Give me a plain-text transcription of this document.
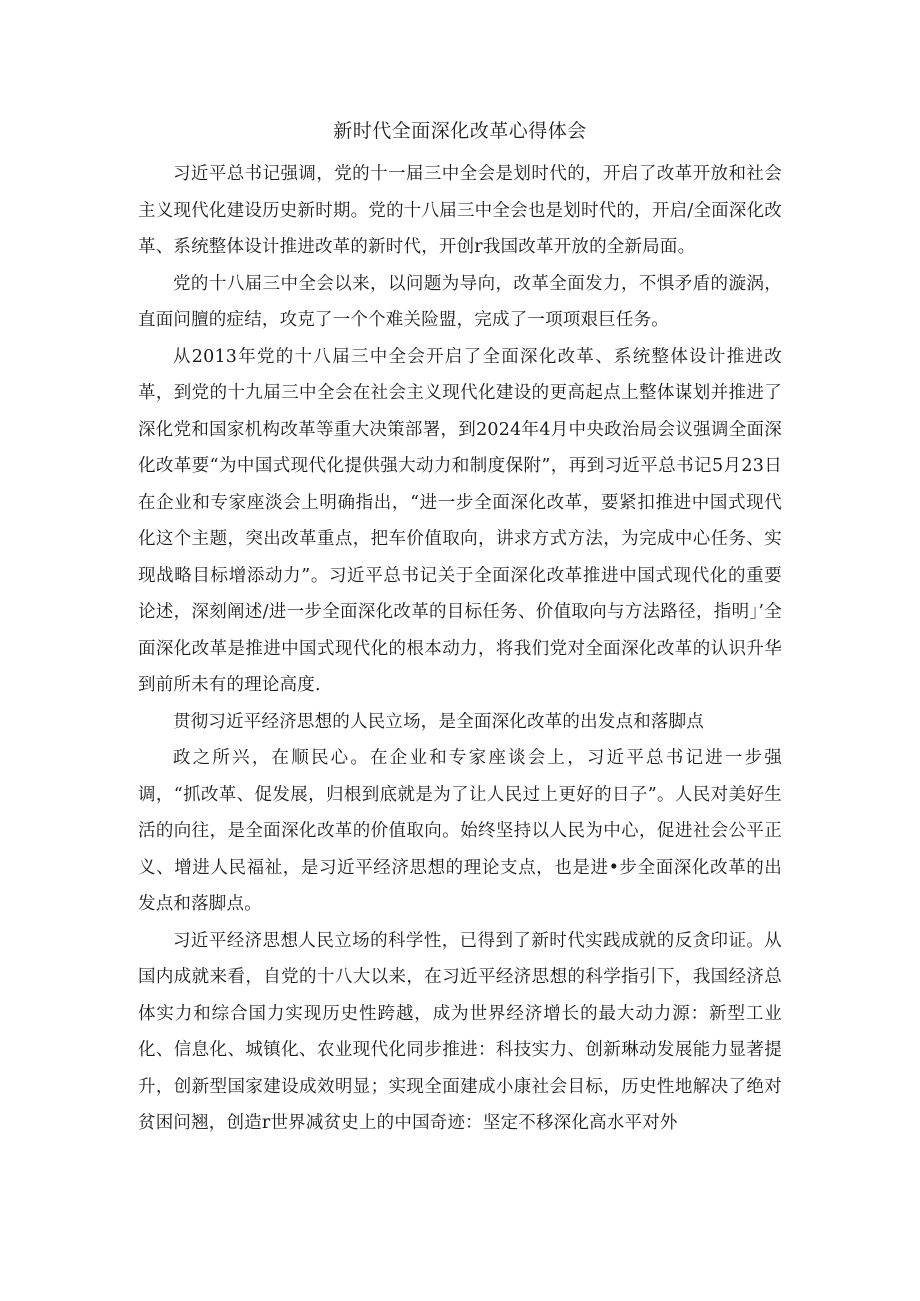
新时代全面深化改革心得体会

习近平总书记强调，党的十一届三中全会是划时代的，开启了改革开放和社会主义现代化建设历史新时期。党的十八届三中全会也是划时代的，开启/全面深化改革、系统整体设计推进改革的新时代，开创r我国改革开放的全新局面。

党的十八届三中全会以来，以问题为导向，改革全面发力，不惧矛盾的漩涡，直面问膻的症结，攻克了一个个难关险盟，完成了一项项艰巨任务。

从2013年党的十八届三中全会开启了全面深化改革、系统整体设计推进改革，到党的十九届三中全会在社会主义现代化建设的更高起点上整体谋划并推进了深化党和国家机构改革等重大决策部署，到2024年4月中央政治局会议强调全面深化改革要“为中国式现代化提供强大动力和制度保附”，再到习近平总书记5月23日在企业和专家座淡会上明确指出，“进一步全面深化改革，要紧扣推进中国式现代化这个主题，突出改革重点，把车价值取向，讲求方式方法，为完成中心任务、实现战略目标增添动力”。习近平总书记关于全面深化改革推进中国式现代化的重要论述，深刻阐述/进一步全面深化改革的目标任务、价值取向与方法路径，指明」’全面深化改革是推进中国式现代化的根本动力，将我们党对全面深化改革的认识升华到前所未有的理论高度.

贯彻习近平经济思想的人民立场，是全面深化改革的出发点和落脚点

政之所兴，在顺民心。在企业和专家座谈会上，习近平总书记进一步强调，“抓改革、促发展，归根到底就是为了让人民过上更好的日子”。人民对美好生活的向往，是全面深化改革的价值取向。始终坚持以人民为中心，促进社会公平正义、增进人民福祉，是习近平经济思想的理论支点，也是进•步全面深化改革的出发点和落脚点。

习近平经济思想人民立场的科学性，已得到了新时代实践成就的反贪印证。从国内成就来看，自党的十八大以来，在习近平经济思想的科学指引下，我国经济总体实力和综合国力实现历史性跨越，成为世界经济增长的最大动力源：新型工业化、信息化、城镇化、农业现代化同步推进：科技实力、创新琳动发展能力显著提升，创新型国家建设成效明显；实现全面建成小康社会目标，历史性地解决了绝对贫困问翘，创造r世界减贫史上的中国奇迹：坚定不移深化高水平对外
